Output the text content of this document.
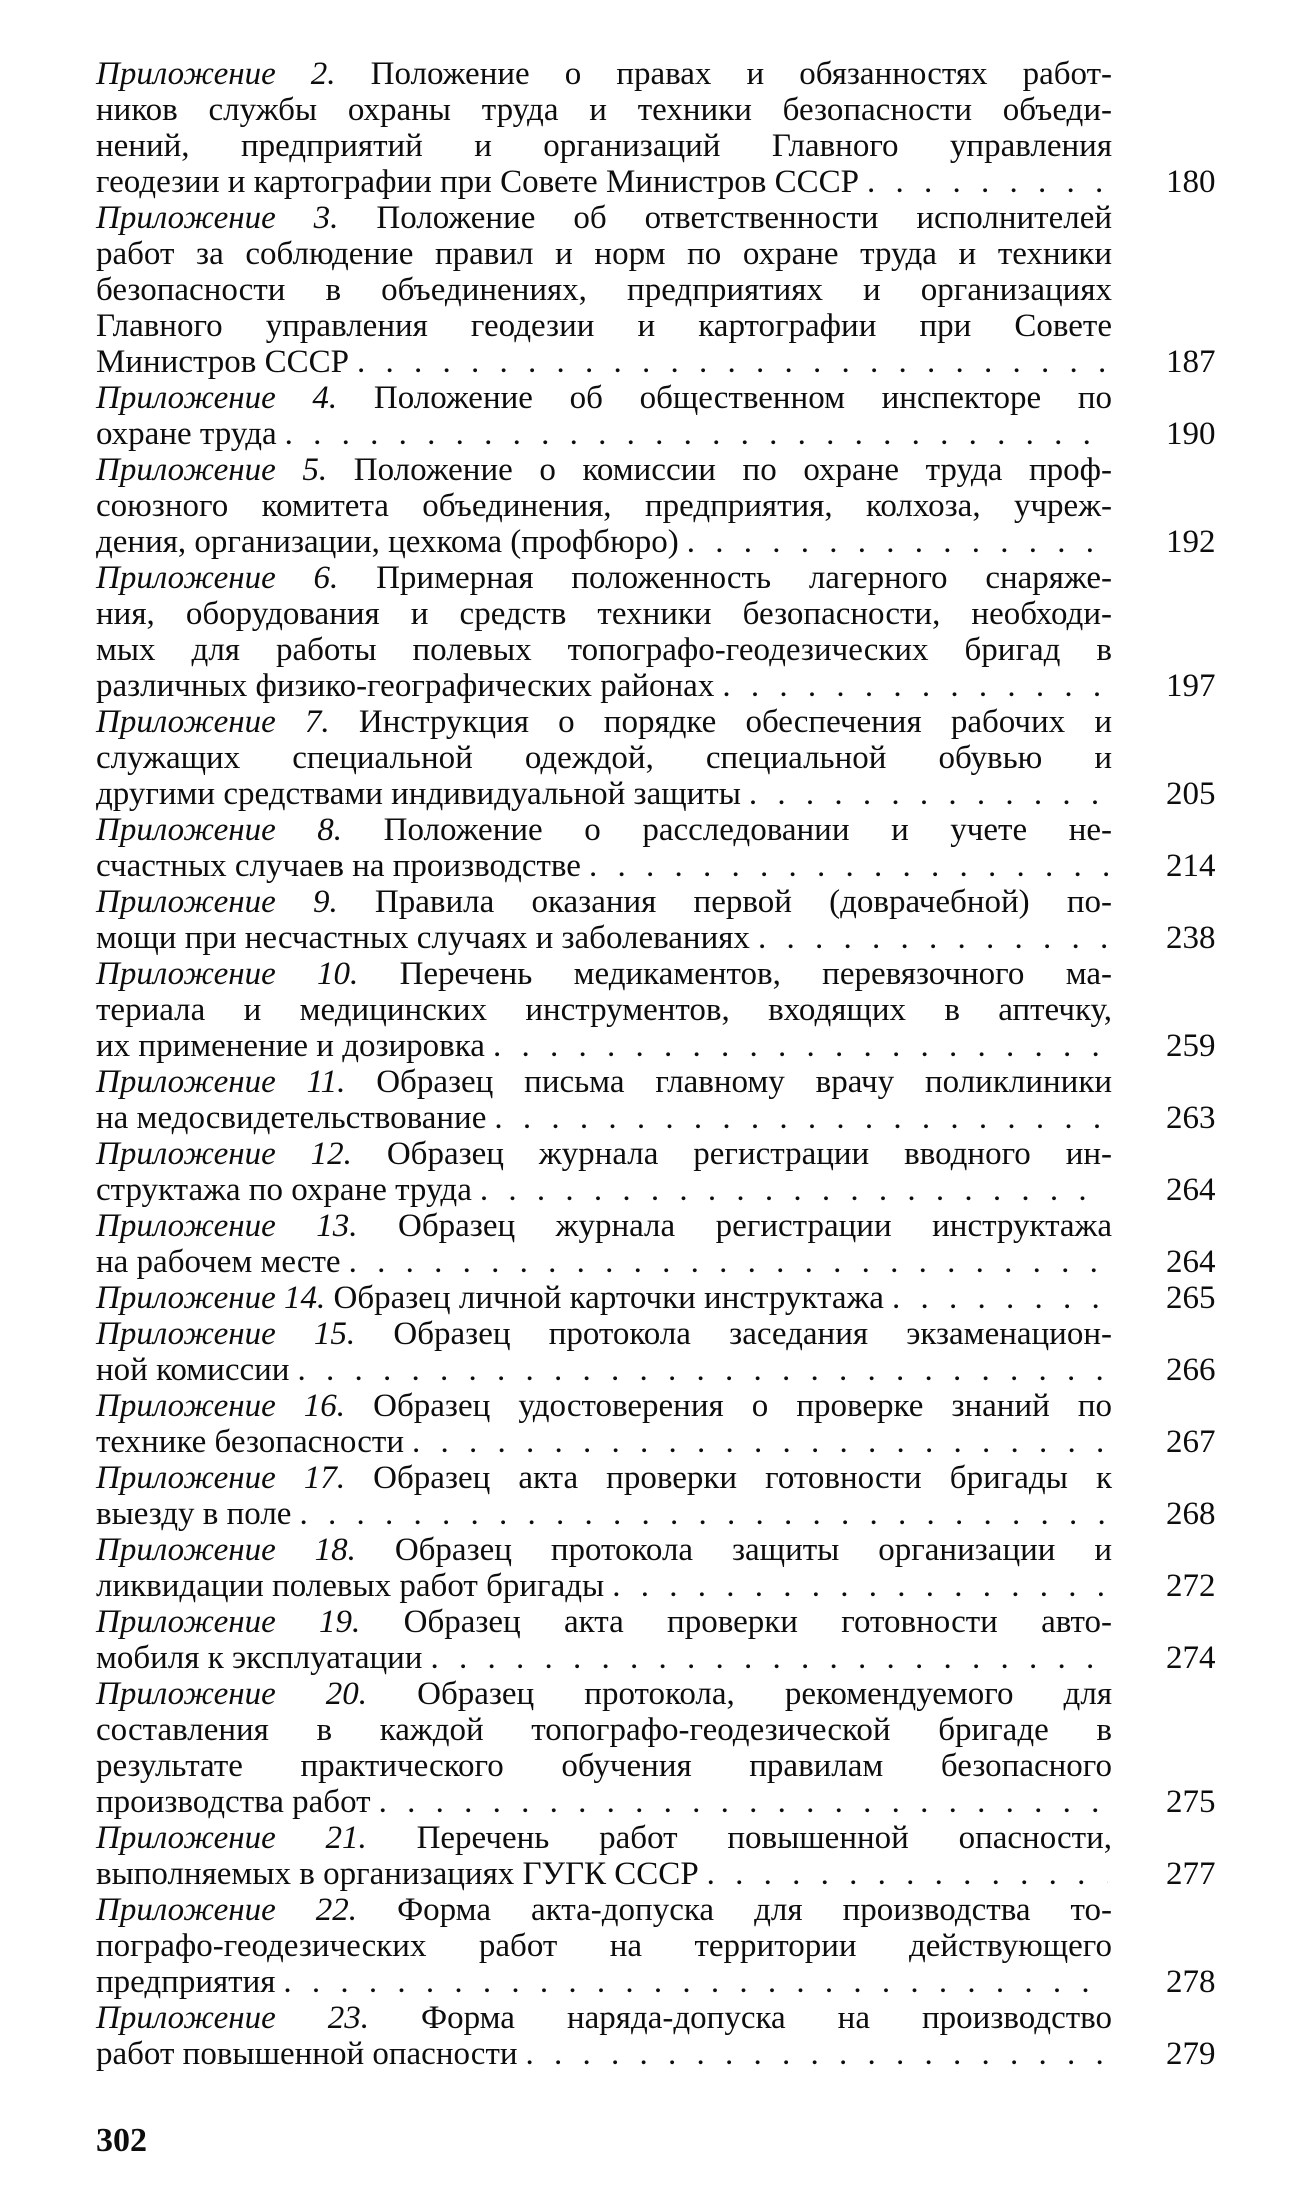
Приложение 2. Положение о правах и обязанностях работ-
ников службы охраны труда и техники безопасности объеди-
нений, предприятий и организаций Главного управления
геодезии и картографии при Совете Министров СССР . . .	180
Приложение 3. Положение об ответственности исполнителей
работ за соблюдение правил и норм по охране труда и техники
безопасности в объединениях, предприятиях и организациях
Главного управления геодезии и картографии при Совете
Министров СССР . . .	187
Приложение 4. Положение об общественном инспекторе по
охране труда . . .	190
Приложение 5. Положение о комиссии по охране труда проф-
союзного комитета объединения, предприятия, колхоза, учреж-
дения, организации, цехкома (профбюро) . . .	192
Приложение 6. Примерная положенность лагерного снаряже-
ния, оборудования и средств техники безопасности, необходи-
мых для работы полевых топографо-геодезических бригад в
различных физико-географических районах . . .	197
Приложение 7. Инструкция о порядке обеспечения рабочих и
служащих специальной одеждой, специальной обувью и
другими средствами индивидуальной защиты . . .	205
Приложение 8. Положение о расследовании и учете не-
счастных случаев на производстве . . .	214
Приложение 9. Правила оказания первой (доврачебной) по-
мощи при несчастных случаях и заболеваниях . . .	238
Приложение 10. Перечень медикаментов, перевязочного ма-
териала и медицинских инструментов, входящих в аптечку,
их применение и дозировка . . .	259
Приложение 11. Образец письма главному врачу поликлиники
на медосвидетельствование . . .	263
Приложение 12. Образец журнала регистрации вводного ин-
структажа по охране труда . . .	264
Приложение 13. Образец журнала регистрации инструктажа
на рабочем месте . . .	264
Приложение 14. Образец личной карточки инструктажа . . .	265
Приложение 15. Образец протокола заседания экзаменацион-
ной комиссии . . .	266
Приложение 16. Образец удостоверения о проверке знаний по
технике безопасности . . .	267
Приложение 17. Образец акта проверки готовности бригады к
выезду в поле . . .	268
Приложение 18. Образец протокола защиты организации и
ликвидации полевых работ бригады . . .	272
Приложение 19. Образец акта проверки готовности авто-
мобиля к эксплуатации . . .	274
Приложение 20. Образец протокола, рекомендуемого для
составления в каждой топографо-геодезической бригаде в
результате практического обучения правилам безопасного
производства работ . . .	275
Приложение 21. Перечень работ повышенной опасности,
выполняемых в организациях ГУГК СССР . . .	277
Приложение 22. Форма акта-допуска для производства то-
пографо-геодезических работ на территории действующего
предприятия . . .	278
Приложение 23. Форма наряда-допуска на производство
работ повышенной опасности . . .	279
302
